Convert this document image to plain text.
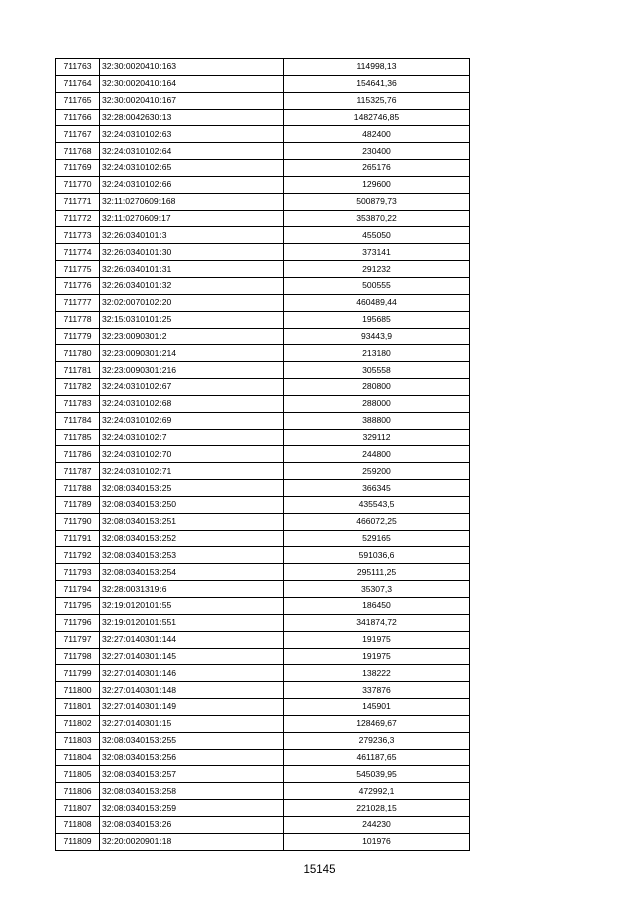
711763	32:30:0020410:163	114998,13
711764	32:30:0020410:164	154641,36
711765	32:30:0020410:167	115325,76
711766	32:28:0042630:13	1482746,85
711767	32:24:0310102:63	482400
711768	32:24:0310102:64	230400
711769	32:24:0310102:65	265176
711770	32:24:0310102:66	129600
711771	32:11:0270609:168	500879,73
711772	32:11:0270609:17	353870,22
711773	32:26:0340101:3	455050
711774	32:26:0340101:30	373141
711775	32:26:0340101:31	291232
711776	32:26:0340101:32	500555
711777	32:02:0070102:20	460489,44
711778	32:15:0310101:25	195685
711779	32:23:0090301:2	93443,9
711780	32:23:0090301:214	213180
711781	32:23:0090301:216	305558
711782	32:24:0310102:67	280800
711783	32:24:0310102:68	288000
711784	32:24:0310102:69	388800
711785	32:24:0310102:7	329112
711786	32:24:0310102:70	244800
711787	32:24:0310102:71	259200
711788	32:08:0340153:25	366345
711789	32:08:0340153:250	435543,5
711790	32:08:0340153:251	466072,25
711791	32:08:0340153:252	529165
711792	32:08:0340153:253	591036,6
711793	32:08:0340153:254	295111,25
711794	32:28:0031319:6	35307,3
711795	32:19:0120101:55	186450
711796	32:19:0120101:551	341874,72
711797	32:27:0140301:144	191975
711798	32:27:0140301:145	191975
711799	32:27:0140301:146	138222
711800	32:27:0140301:148	337876
711801	32:27:0140301:149	145901
711802	32:27:0140301:15	128469,67
711803	32:08:0340153:255	279236,3
711804	32:08:0340153:256	461187,65
711805	32:08:0340153:257	545039,95
711806	32:08:0340153:258	472992,1
711807	32:08:0340153:259	221028,15
711808	32:08:0340153:26	244230
711809	32:20:0020901:18	101976
15145
